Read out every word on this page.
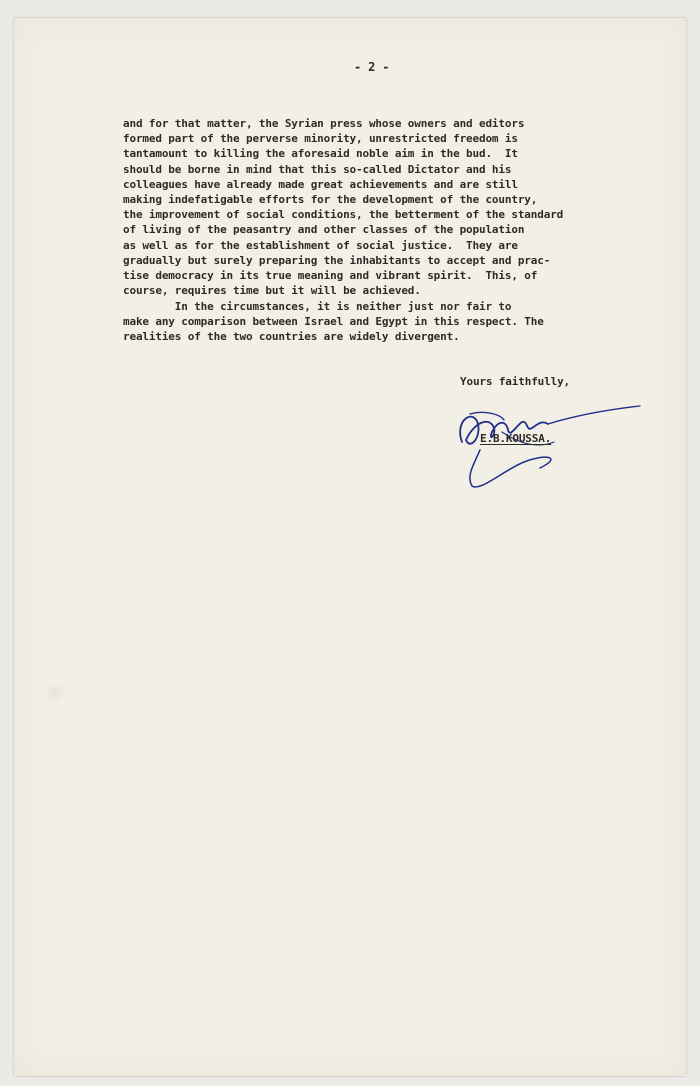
- 2 -
and for that matter, the Syrian press whose owners and editors
formed part of the perverse minority, unrestricted freedom is
tantamount to killing the aforesaid noble aim in the bud.  It
should be borne in mind that this so-called Dictator and his
colleagues have already made great achievements and are still
making indefatigable efforts for the development of the country,
the improvement of social conditions, the betterment of the standard
of living of the peasantry and other classes of the population
as well as for the establishment of social justice.  They are
gradually but surely preparing the inhabitants to accept and prac-
tise democracy in its true meaning and vibrant spirit.  This, of
course, requires time but it will be achieved.
In the circumstances, it is neither just nor fair to
make any comparison between Israel and Egypt in this respect. The
realities of the two countries are widely divergent.
Yours faithfully,
E.B.KOUSSA.
